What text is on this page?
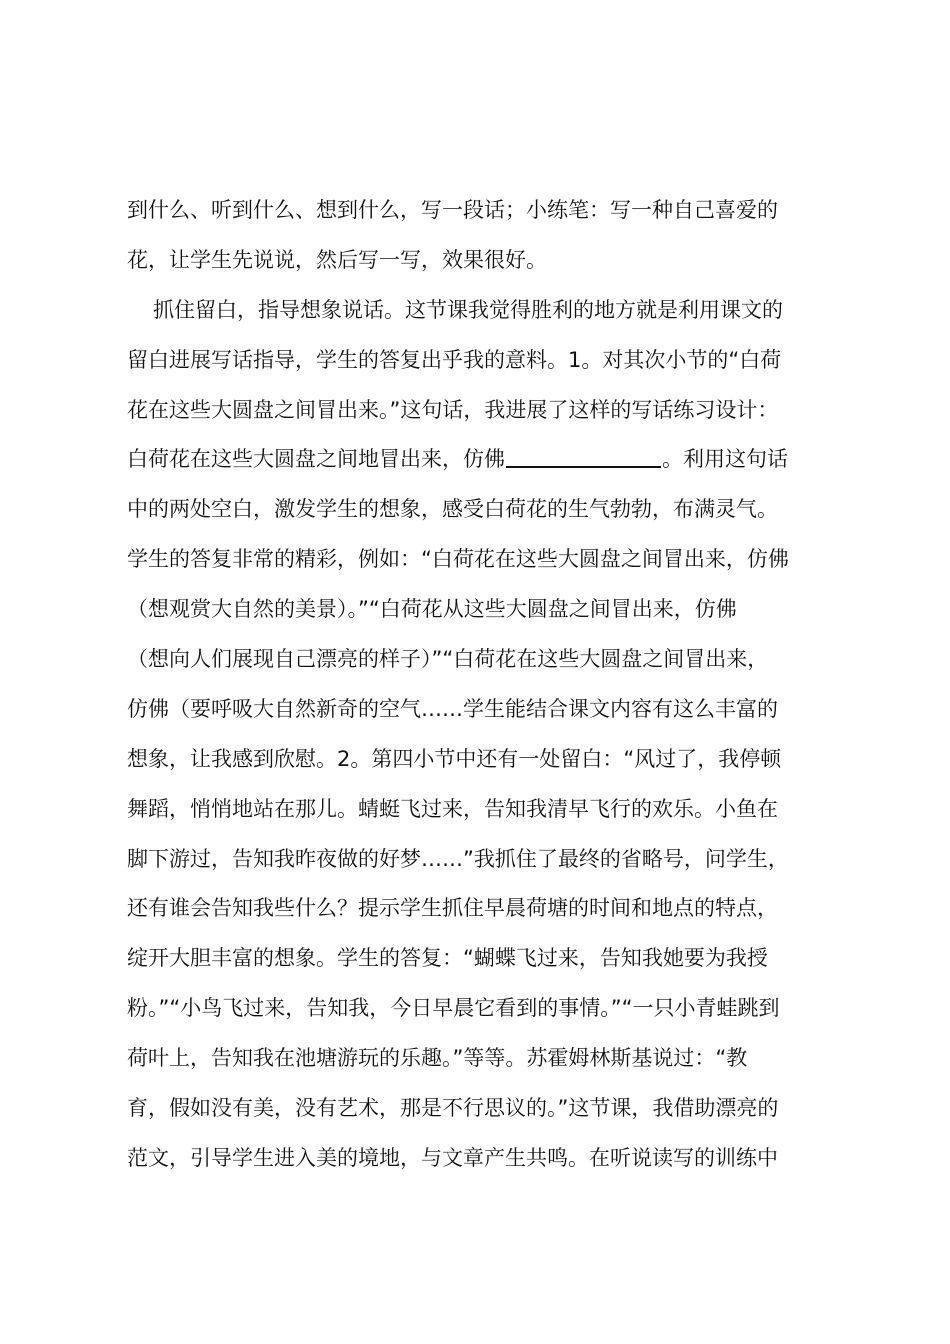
到什么、听到什么、想到什么，写一段话；小练笔：写一种自己喜爱的
花，让学生先说说，然后写一写，效果很好。
抓住留白，指导想象说话。这节课我觉得胜利的地方就是利用课文的
留白进展写话指导，学生的答复出乎我的意料。1。对其次小节的“白荷
花在这些大圆盘之间冒出来。”这句话，我进展了这样的写话练习设计：
白荷花在这些大圆盘之间地冒出来，仿佛	。利用这句话
中的两处空白，激发学生的想象，感受白荷花的生气勃勃，布满灵气。
学生的答复非常的精彩，例如：“白荷花在这些大圆盘之间冒出来，仿佛
（想观赏大自然的美景）。”“白荷花从这些大圆盘之间冒出来，仿佛
（想向人们展现自己漂亮的样子）”“白荷花在这些大圆盘之间冒出来，
仿佛（要呼吸大自然新奇的空气……学生能结合课文内容有这么丰富的
想象，让我感到欣慰。2。第四小节中还有一处留白：“风过了，我停顿
舞蹈，悄悄地站在那儿。蜻蜓飞过来，告知我清早飞行的欢乐。小鱼在
脚下游过，告知我昨夜做的好梦……”我抓住了最终的省略号，问学生，
还有谁会告知我些什么？提示学生抓住早晨荷塘的时间和地点的特点，
绽开大胆丰富的想象。学生的答复：“蝴蝶飞过来，告知我她要为我授
粉。”“小鸟飞过来，告知我，今日早晨它看到的事情。”“一只小青蛙跳到
荷叶上，告知我在池塘游玩的乐趣。”等等。苏霍姆林斯基说过：“教
育，假如没有美，没有艺术，那是不行思议的。”这节课，我借助漂亮的
范文，引导学生进入美的境地，与文章产生共鸣。在听说读写的训练中
